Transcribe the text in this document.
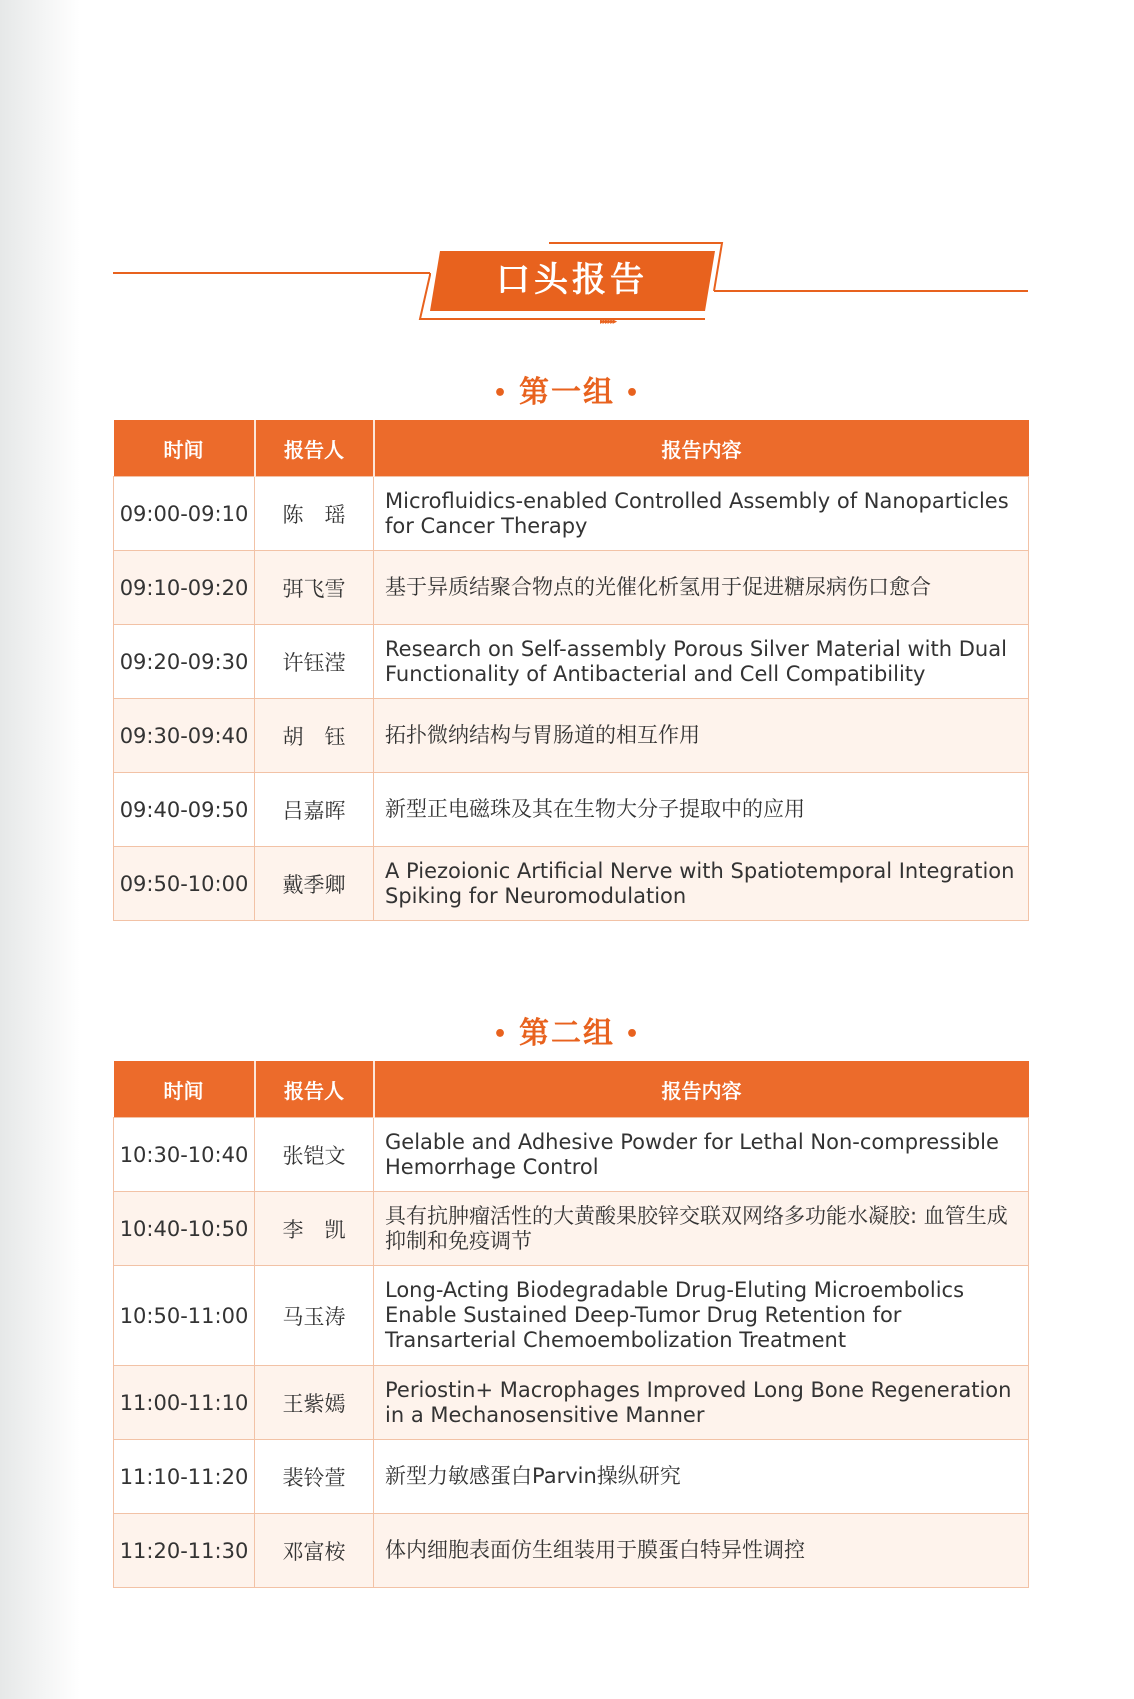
▸▸▸▸▸▸
口头报告
• 第一组 •
时间	报告人	报告内容
09:00-09:10	陈　瑶	Microfluidics-enabled Controlled Assembly of Nanoparticles for Cancer Therapy
09:10-09:20	弭飞雪	基于异质结聚合物点的光催化析氢用于促进糖尿病伤口愈合
09:20-09:30	许钰滢	Research on Self-assembly Porous Silver Material with Dual Functionality of Antibacterial and Cell Compatibility
09:30-09:40	胡　钰	拓扑微纳结构与胃肠道的相互作用
09:40-09:50	吕嘉晖	新型正电磁珠及其在生物大分子提取中的应用
09:50-10:00	戴季卿	A Piezoionic Artificial Nerve with Spatiotemporal Integration Spiking for Neuromodulation
• 第二组 •
时间	报告人	报告内容
10:30-10:40	张铠文	Gelable and Adhesive Powder for Lethal Non-compressible Hemorrhage Control
10:40-10:50	李　凯	具有抗肿瘤活性的大黄酸果胶锌交联双网络多功能水凝胶: 血管生成抑制和免疫调节
10:50-11:00	马玉涛	Long-Acting Biodegradable Drug-Eluting Microembolics Enable Sustained Deep-Tumor Drug Retention for Transarterial Chemoembolization Treatment
11:00-11:10	王紫嫣	Periostin+ Macrophages Improved Long Bone Regeneration in a Mechanosensitive Manner
11:10-11:20	裴铃萱	新型力敏感蛋白Parvin操纵研究
11:20-11:30	邓富桉	体内细胞表面仿生组装用于膜蛋白特异性调控
